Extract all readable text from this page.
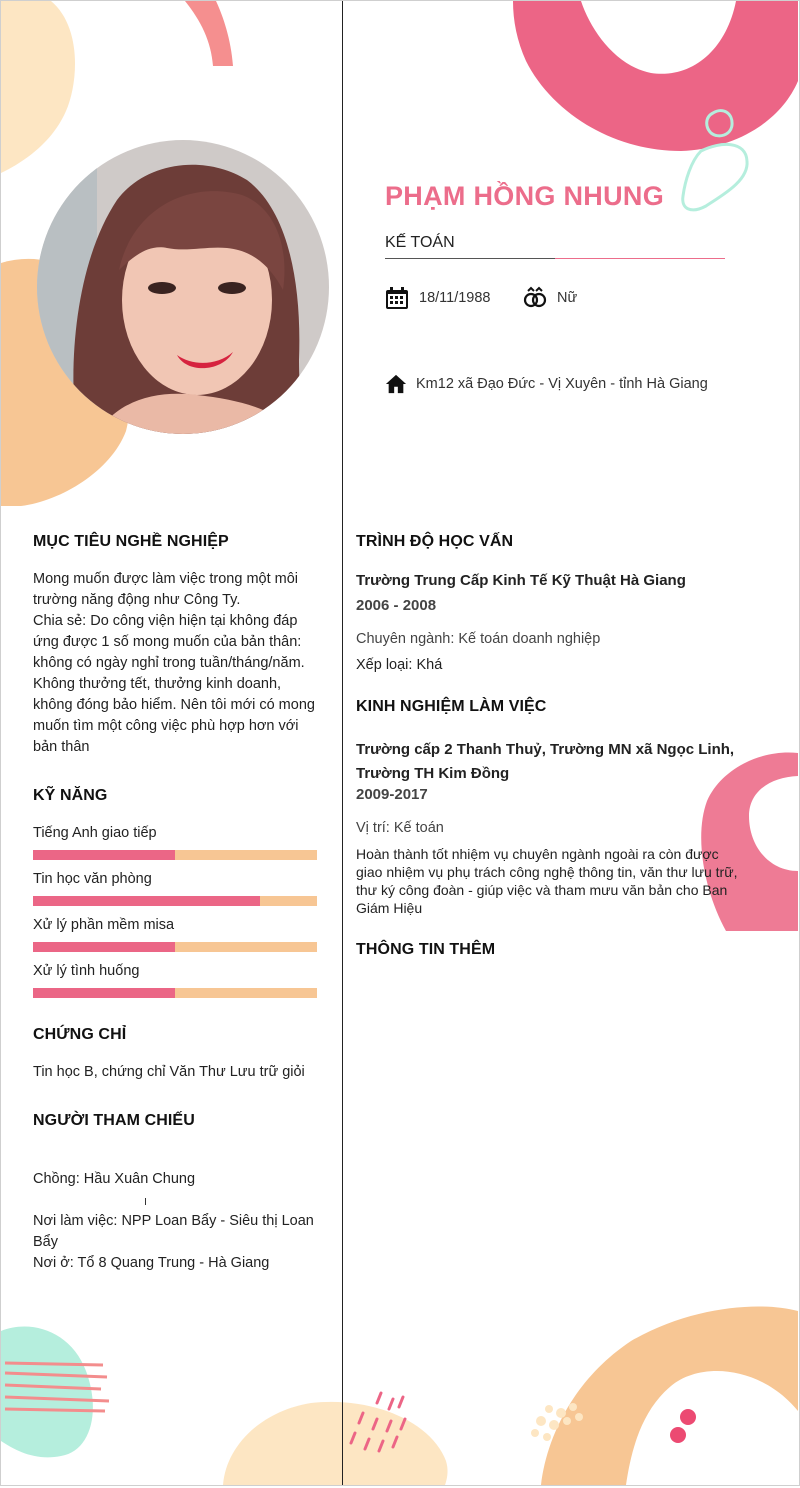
PHẠM HỒNG NHUNG
KẾ TOÁN
18/11/1988	Nữ
Km12 xã Đạo Đức - Vị Xuyên - tỉnh Hà Giang
MỤC TIÊU NGHỀ NGHIỆP
Mong muốn được làm việc trong một môi
trường năng động như Công Ty.
Chia sẻ: Do công viện hiện tại không đáp
ứng được 1 số mong muốn của bản thân:
không có ngày nghỉ trong tuần/tháng/năm.
Không thưởng tết, thưởng kinh doanh,
không đóng bảo hiểm. Nên tôi mới có mong
muốn tìm một công việc phù hợp hơn với
bản thân
KỸ NĂNG
Tiếng Anh giao tiếp
Tin học văn phòng
Xử lý phần mềm misa
Xử lý tình huống
CHỨNG CHỈ
Tin học B, chứng chỉ Văn Thư Lưu trữ giỏi
NGƯỜI THAM CHIẾU
Chồng: Hầu Xuân Chung
Nơi làm việc: NPP Loan Bẩy - Siêu thị Loan
Bẩy
Nơi ở: Tổ 8 Quang Trung - Hà Giang
TRÌNH ĐỘ HỌC VẤN
Trường Trung Cấp Kinh Tế Kỹ Thuật Hà Giang
2006 - 2008
Chuyên ngành: Kế toán doanh nghiệp
Xếp loại: Khá
KINH NGHIỆM LÀM VIỆC
Trường cấp 2 Thanh Thuỷ, Trường MN xã Ngọc Linh,
Trường TH Kim Đồng
2009-2017
Vị trí: Kế toán
Hoàn thành tốt nhiệm vụ chuyên ngành ngoài ra còn được
giao nhiệm vụ phụ trách công nghệ thông tin, văn thư lưu trữ,
thư ký công đoàn - giúp việc và tham mưu văn bản cho Ban
Giám Hiệu
THÔNG TIN THÊM
